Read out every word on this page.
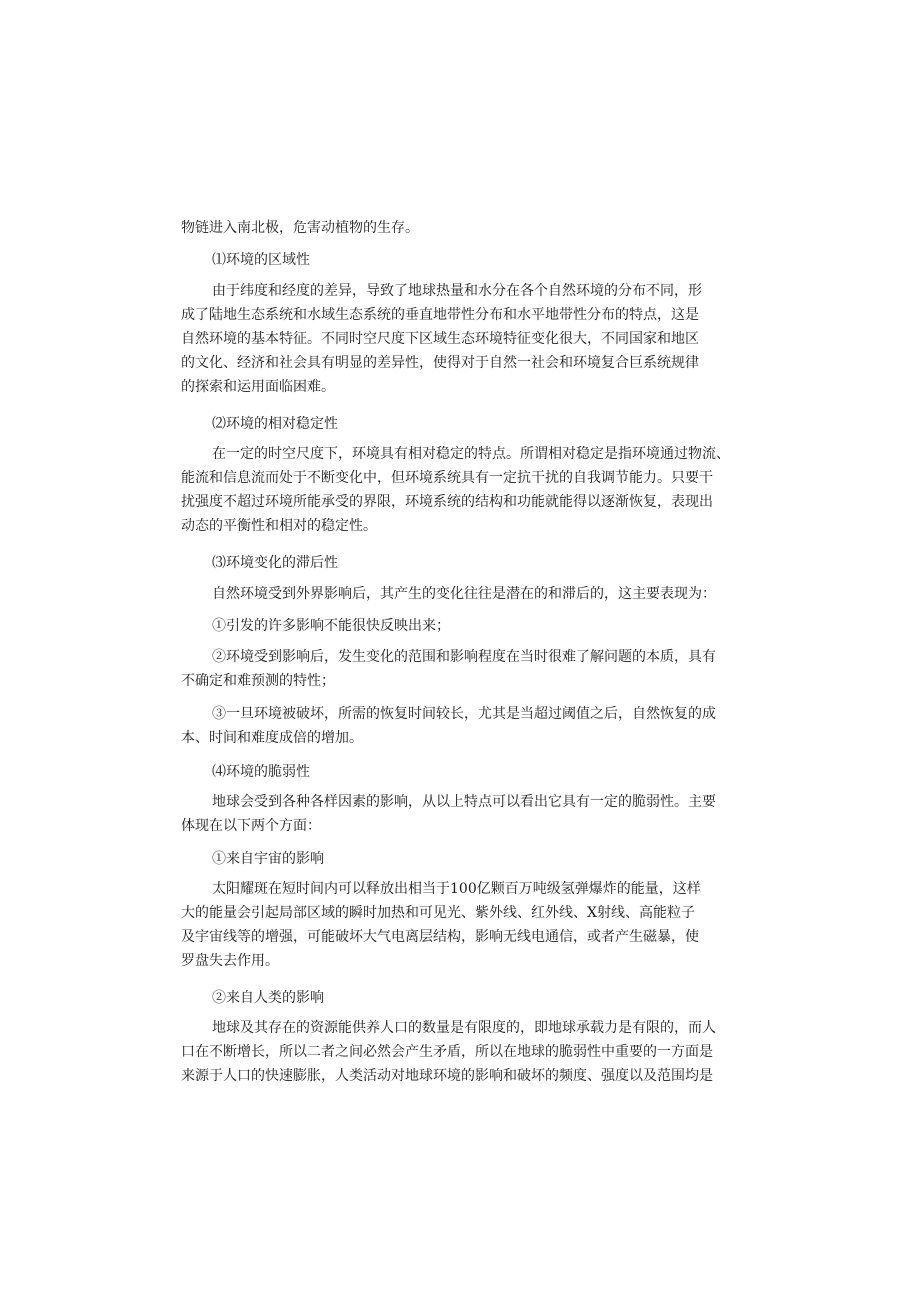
物链进入南北极，危害动植物的生存。
⑴环境的区域性
由于纬度和经度的差异，导致了地球热量和水分在各个自然环境的分布不同，形
成了陆地生态系统和水域生态系统的垂直地带性分布和水平地带性分布的特点，这是
自然环境的基本特征。不同时空尺度下区域生态环境特征变化很大，不同国家和地区
的文化、经济和社会具有明显的差异性，使得对于自然一社会和环境复合巨系统规律
的探索和运用面临困难。
⑵环境的相对稳定性
在一定的时空尺度下，环境具有相对稳定的特点。所谓相对稳定是指环境通过物流、
能流和信息流而处于不断变化中，但环境系统具有一定抗干扰的自我调节能力。只要干
扰强度不超过环境所能承受的界限，环境系统的结构和功能就能得以逐渐恢复，表现出
动态的平衡性和相对的稳定性。
⑶环境变化的滞后性
自然环境受到外界影响后，其产生的变化往往是潜在的和滞后的，这主要表现为：
①引发的许多影响不能很快反映出来；
②环境受到影响后，发生变化的范围和影响程度在当时很难了解问题的本质，具有
不确定和难预测的特性；
③一旦环境被破坏，所需的恢复时间较长，尤其是当超过阈值之后，自然恢复的成
本、时间和难度成倍的增加。
⑷环境的脆弱性
地球会受到各种各样因素的影响，从以上特点可以看出它具有一定的脆弱性。主要
体现在以下两个方面：
①来自宇宙的影响
太阳耀斑在短时间内可以释放出相当于100亿颗百万吨级氢弹爆炸的能量，这样
大的能量会引起局部区域的瞬时加热和可见光、紫外线、红外线、X射线、高能粒子
及宇宙线等的增强，可能破坏大气电离层结构，影响无线电通信，或者产生磁暴，使
罗盘失去作用。
②来自人类的影响
地球及其存在的资源能供养人口的数量是有限度的，即地球承载力是有限的，而人
口在不断增长，所以二者之间必然会产生矛盾，所以在地球的脆弱性中重要的一方面是
来源于人口的快速膨胀，人类活动对地球环境的影响和破坏的频度、强度以及范围均是
